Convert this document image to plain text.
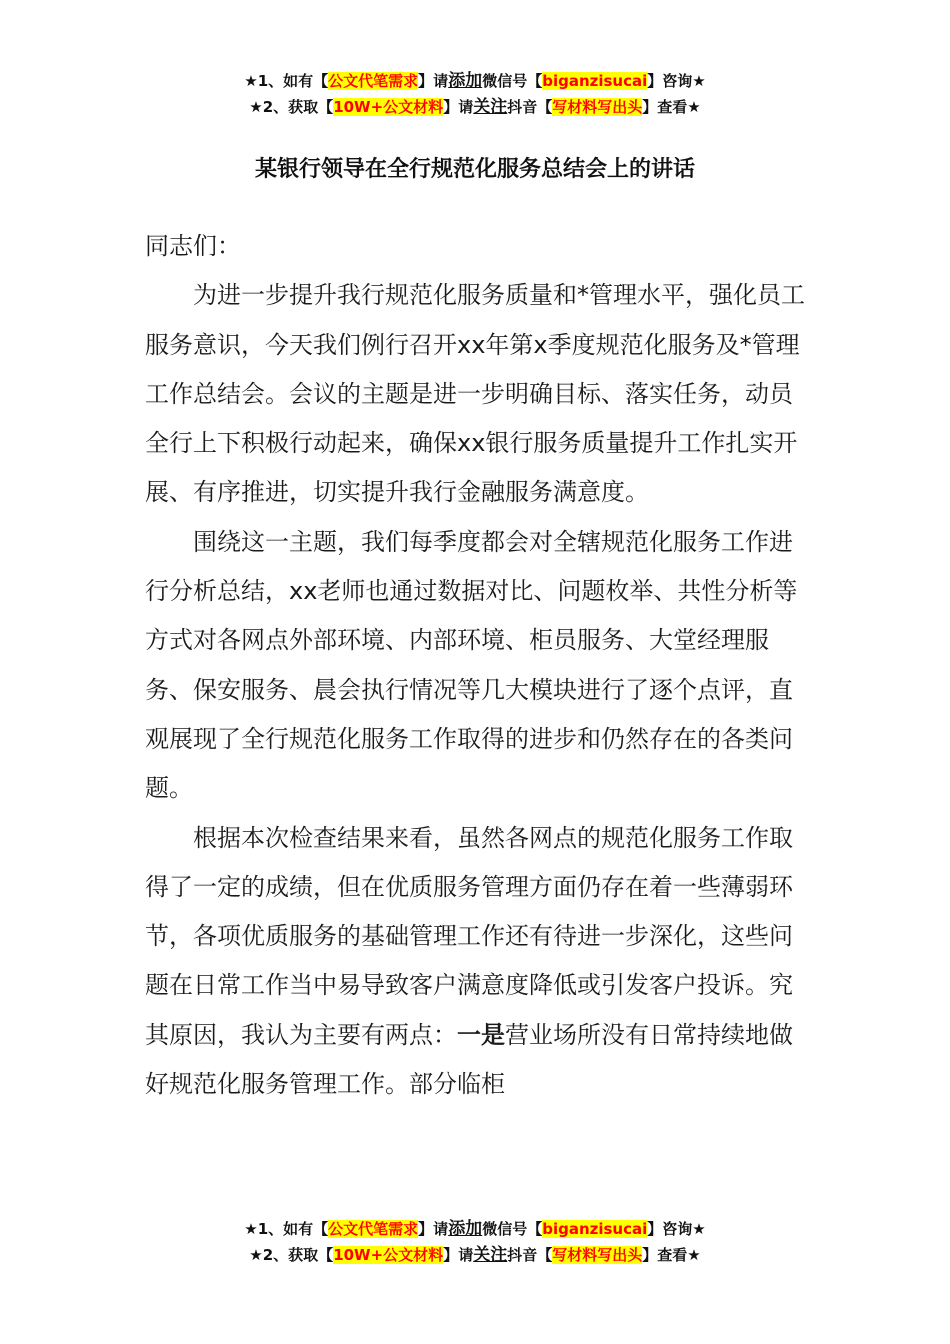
★1、如有【公文代笔需求】请添加微信号【biganzisucai】咨询★
★2、获取【10W+公文材料】请关注抖音【写材料写出头】查看★
某银行领导在全行规范化服务总结会上的讲话

同志们：

为进一步提升我行规范化服务质量和*管理水平，强化员工服务意识，今天我们例行召开xx年第x季度规范化服务及*管理工作总结会。会议的主题是进一步明确目标、落实任务，动员全行上下积极行动起来，确保xx银行服务质量提升工作扎实开展、有序推进，切实提升我行金融服务满意度。

围绕这一主题，我们每季度都会对全辖规范化服务工作进行分析总结，xx老师也通过数据对比、问题枚举、共性分析等方式对各网点外部环境、内部环境、柜员服务、大堂经理服务、保安服务、晨会执行情况等几大模块进行了逐个点评，直观展现了全行规范化服务工作取得的进步和仍然存在的各类问题。

根据本次检查结果来看，虽然各网点的规范化服务工作取得了一定的成绩，但在优质服务管理方面仍存在着一些薄弱环节，各项优质服务的基础管理工作还有待进一步深化，这些问题在日常工作当中易导致客户满意度降低或引发客户投诉。究其原因，我认为主要有两点：一是营业场所没有日常持续地做好规范化服务管理工作。部分临柜

★1、如有【公文代笔需求】请添加微信号【biganzisucai】咨询★
★2、获取【10W+公文材料】请关注抖音【写材料写出头】查看★
